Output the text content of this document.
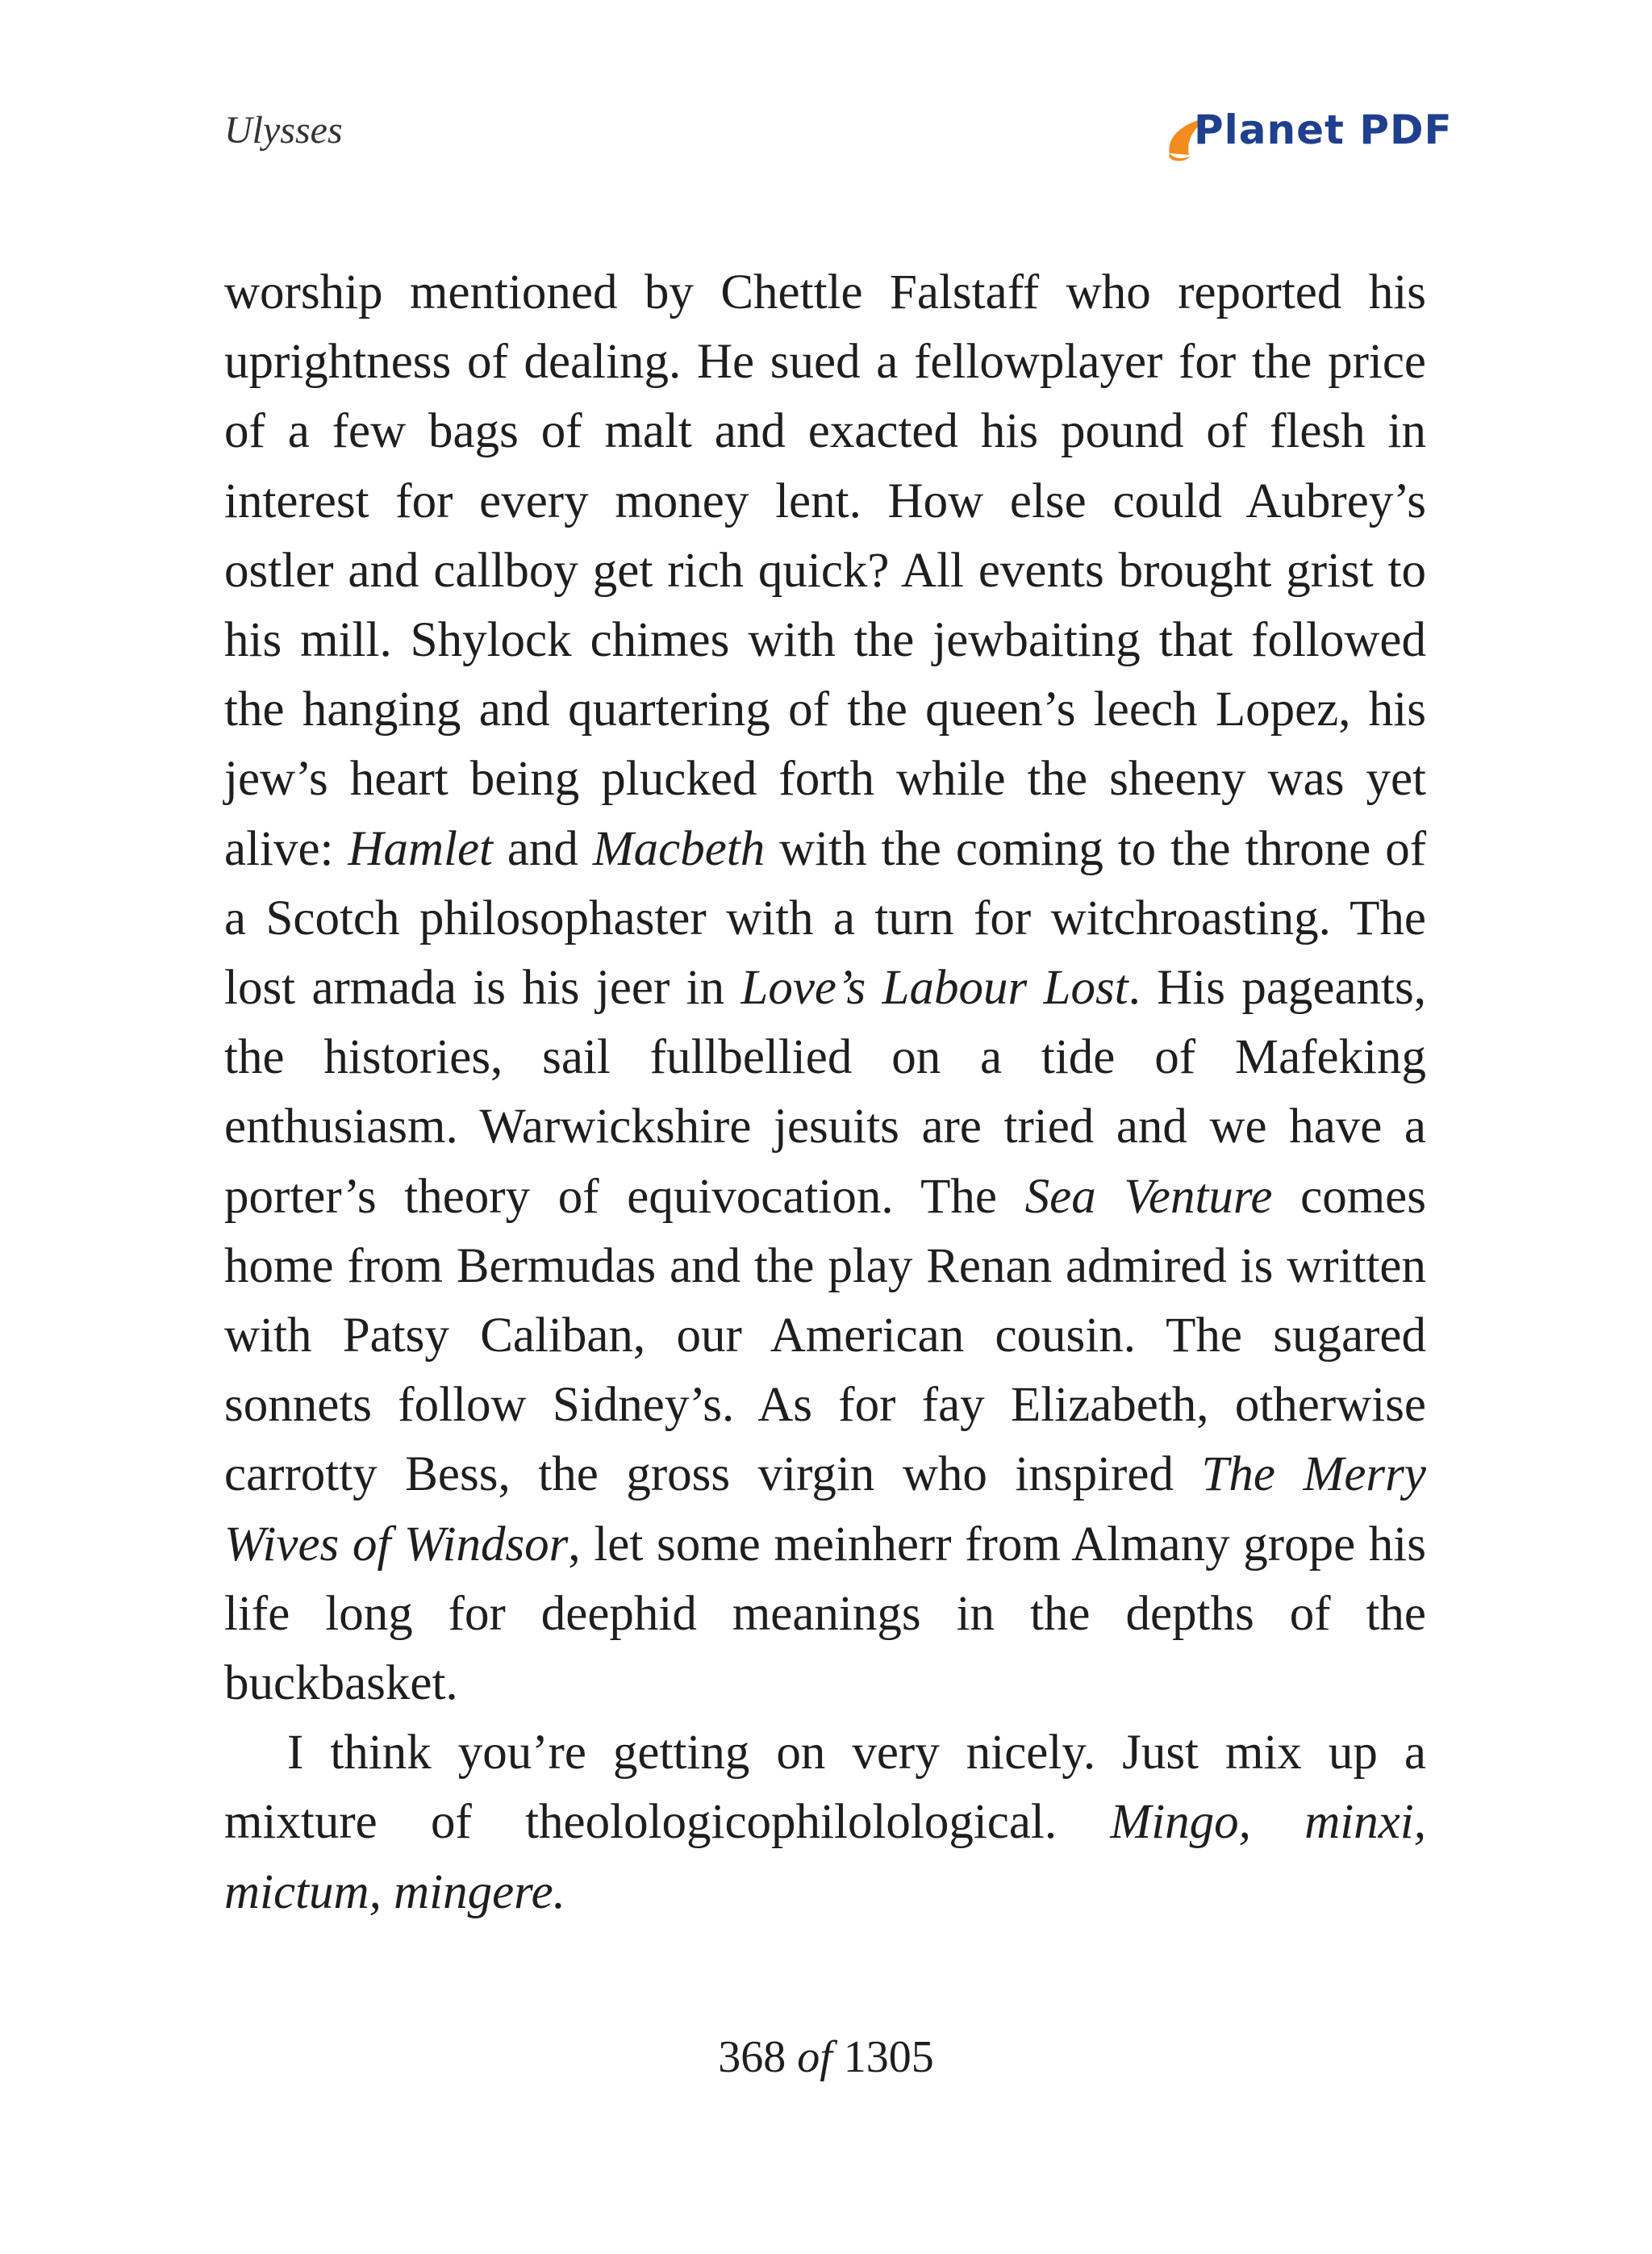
Ulysses	Planet PDF

worship mentioned by Chettle Falstaff who reported his uprightness of dealing. He sued a fellowplayer for the price of a few bags of malt and exacted his pound of flesh in interest for every money lent. How else could Aubrey’s ostler and callboy get rich quick? All events brought grist to his mill. Shylock chimes with the jewbaiting that followed the hanging and quartering of the queen’s leech Lopez, his jew’s heart being plucked forth while the sheeny was yet alive: Hamlet and Macbeth with the coming to the throne of a Scotch philosophaster with a turn for witchroasting. The lost armada is his jeer in Love’s Labour Lost. His pageants, the histories, sail fullbellied on a tide of Mafeking enthusiasm. Warwickshire jesuits are tried and we have a porter’s theory of equivocation. The Sea Venture comes home from Bermudas and the play Renan admired is written with Patsy Caliban, our American cousin. The sugared sonnets follow Sidney’s. As for fay Elizabeth, otherwise carrotty Bess, the gross virgin who inspired The Merry Wives of Windsor, let some meinherr from Almany grope his life long for deephid meanings in the depths of the buckbasket.

I think you’re getting on very nicely. Just mix up a mixture of theolologicophilolological. Mingo, minxi, mictum, mingere.

368 of 1305
